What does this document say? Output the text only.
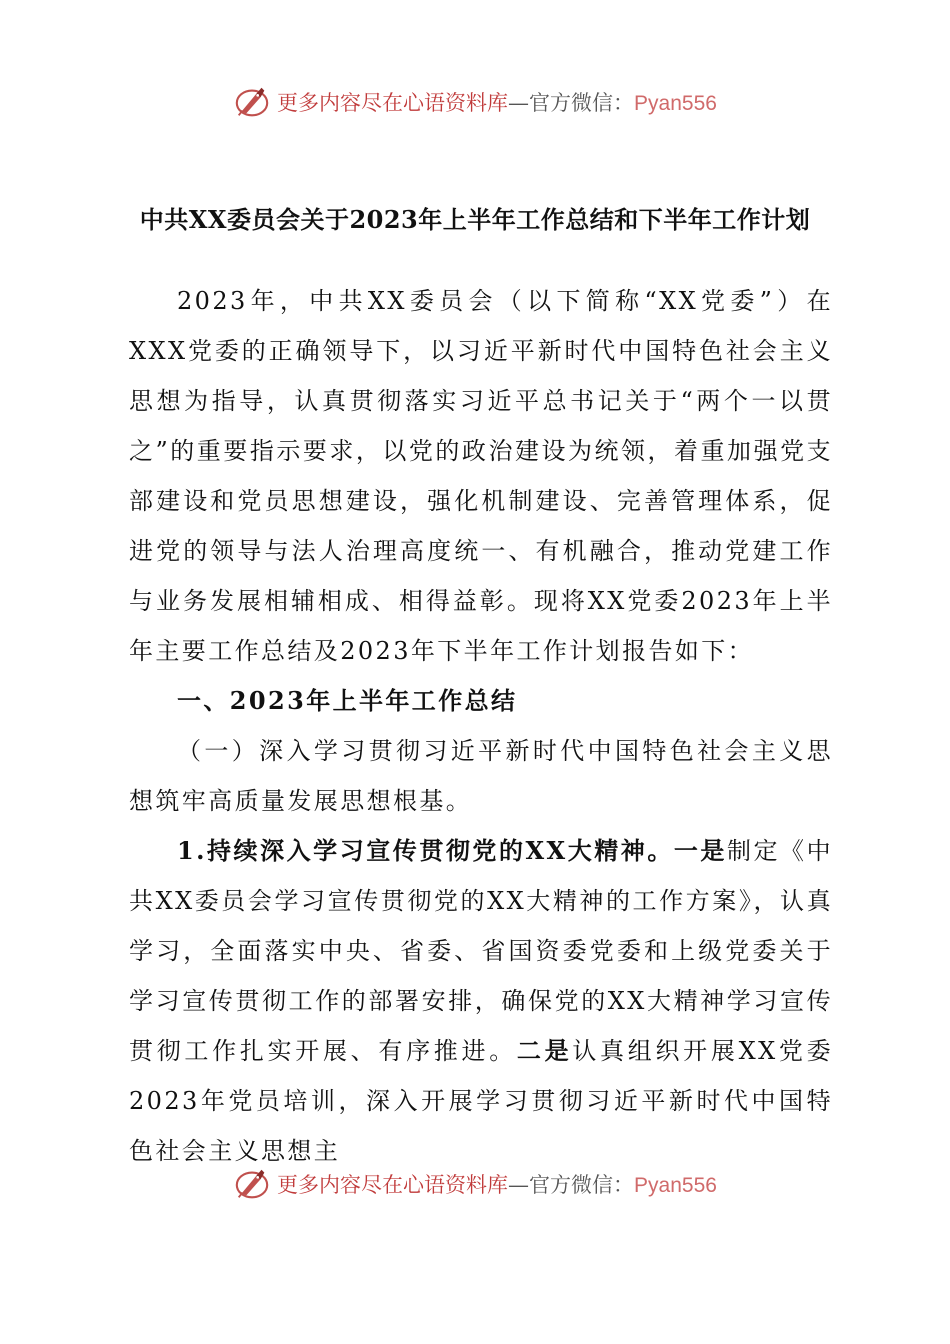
更多内容尽在心语资料库—官方微信：Pyan556
中共XX委员会关于2023年上半年工作总结和下半年工作计划

2023年，中共XX委员会（以下简称“XX党委”）在XXX党委的正确领导下，以习近平新时代中国特色社会主义思想为指导，认真贯彻落实习近平总书记关于“两个一以贯之”的重要指示要求，以党的政治建设为统领，着重加强党支部建设和党员思想建设，强化机制建设、完善管理体系，促进党的领导与法人治理高度统一、有机融合，推动党建工作与业务发展相辅相成、相得益彰。现将XX党委2023年上半年主要工作总结及2023年下半年工作计划报告如下：

一、2023年上半年工作总结

（一）深入学习贯彻习近平新时代中国特色社会主义思想筑牢高质量发展思想根基。

1.持续深入学习宣传贯彻党的XX大精神。一是制定《中共XX委员会学习宣传贯彻党的XX大精神的工作方案》，认真学习，全面落实中央、省委、省国资委党委和上级党委关于学习宣传贯彻工作的部署安排，确保党的XX大精神学习宣传贯彻工作扎实开展、有序推进。二是认真组织开展XX党委2023年党员培训，深入开展学习贯彻习近平新时代中国特色社会主义思想主

更多内容尽在心语资料库—官方微信：Pyan556
